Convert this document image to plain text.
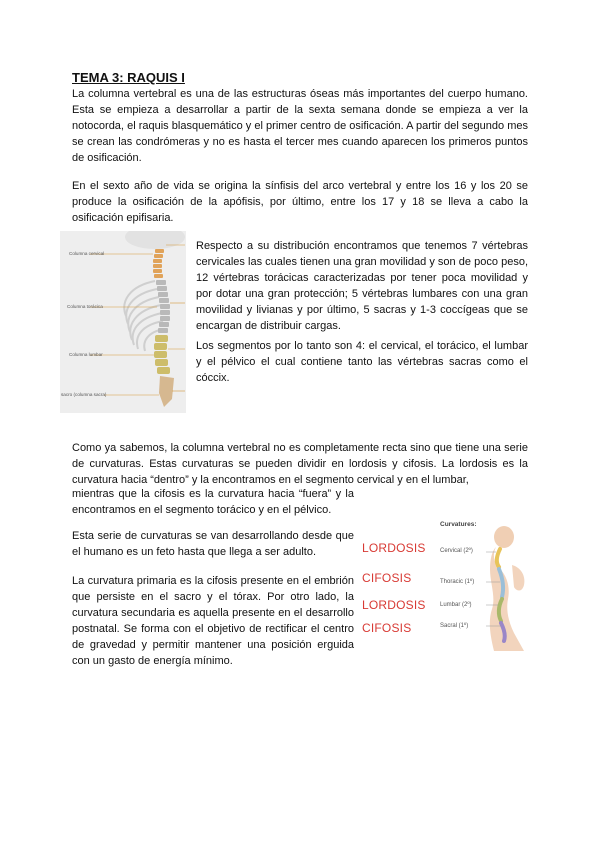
TEMA 3: RAQUIS I

La columna vertebral es una de las estructuras óseas más importantes del cuerpo humano. Esta se empieza a desarrollar a partir de la sexta semana donde se empieza a ver la notocorda, el raquis blasquemático y el primer centro de osificación. A partir del segundo mes se crean las condrómeras y no es hasta el tercer mes cuando aparecen los primeros puntos de osificación.

En el sexto año de vida se origina la sínfisis del arco vertebral y entre los 16 y los 20 se produce la osificación de la apófisis, por último, entre los 17 y 18 se lleva a cabo la osificación epifisaria.

Columna cervical
Columna torácica
Columna lumbar
sacro (columna sacra)

Respecto a su distribución encontramos que tenemos 7 vértebras cervicales las cuales tienen una gran movilidad y son de poco peso, 12 vértebras torácicas caracterizadas por tener poca movilidad y por dotar una gran protección; 5 vértebras lumbares con una gran movilidad y livianas y por último, 5 sacras y 1-3 coccígeas que se encargan de distribuir cargas.

Los segmentos por lo tanto son 4: el cervical, el torácico, el lumbar y el pélvico el cual contiene tanto las vértebras sacras como el cóccix.

Como ya sabemos, la columna vertebral no es completamente recta sino que tiene una serie de curvaturas. Estas curvaturas se pueden dividir en lordosis y cifosis. La lordosis es la curvatura hacia “dentro” y la encontramos en el segmento cervical y en el lumbar,

mientras que la cifosis es la curvatura hacia “fuera” y la encontramos en el segmento torácico y en el pélvico.

Esta serie de curvaturas se van desarrollando desde que el humano es un feto hasta que llega a ser adulto.

La curvatura primaria es la cifosis presente en el embrión que persiste en el sacro y el tórax. Por otro lado, la curvatura secundaria es aquella presente en el desarrollo postnatal. Se forma con el objetivo de rectificar el centro de gravedad y permitir mantener una posición erguida con un gasto de energía mínimo.

LORDOSIS
CIFOSIS
LORDOSIS
CIFOSIS
Curvatures:
Cervical (2º)
Thoracic (1º)
Lumbar (2º)
Sacral (1º)
